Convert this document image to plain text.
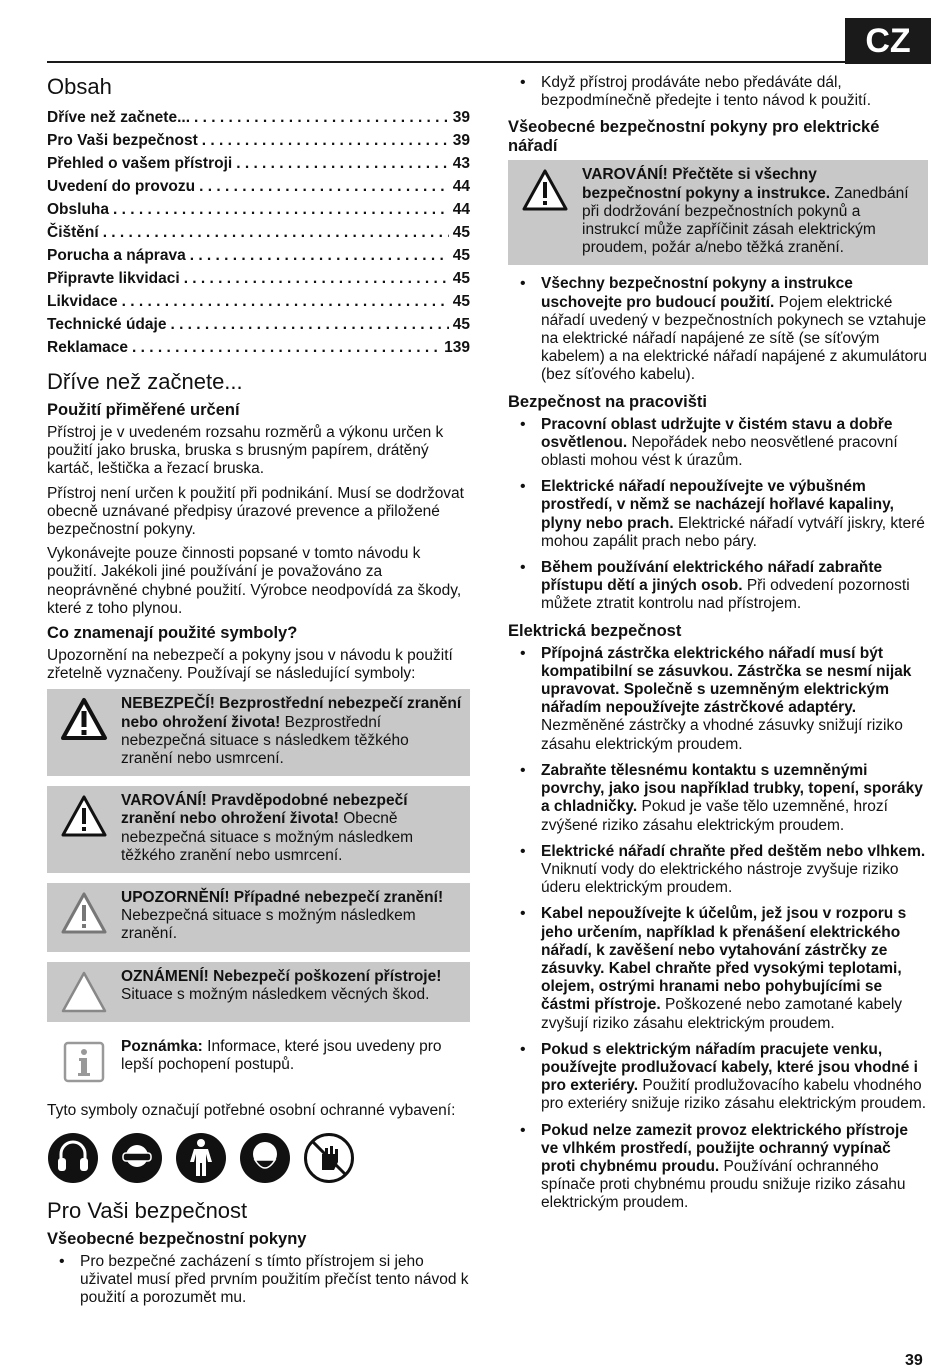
CZ
Obsah
Dříve než začnete... . . .	39
Pro Vaši bezpečnost . . .	39
Přehled o vašem přístroji . . .	43
Uvedení do provozu . . .	44
Obsluha . . .	44
Čištění . . .	45
Porucha a náprava . . .	45
Připravte likvidaci . . .	45
Likvidace . . .	45
Technické údaje . . .	45
Reklamace . . .	139
Dříve než začnete...
Použití přiměřené určení

Přístroj je v uvedeném rozsahu rozměrů a výkonu určen k použití jako bruska, bruska s brusným papírem, drátěný kartáč, leštička a řezací bruska.

Přístroj není určen k použití při podnikání. Musí se dodržovat obecně uznávané předpisy úrazové prevence a přiložené bezpečnostní pokyny.

Vykonávejte pouze činnosti popsané v tomto návodu k použití. Jakékoli jiné používání je považováno za neoprávněné chybné použití. Výrobce neodpovídá za škody, které z toho plynou.

Co znamenají použité symboly?

Upozornění na nebezpečí a pokyny jsou v návodu k použití zřetelně vyznačeny. Používají se následující symboly:

NEBEZPEČÍ! Bezprostřední nebezpečí zranění nebo ohrožení života! Bezprostřední nebezpečná situace s následkem těžkého zranění nebo usmrcení.
VAROVÁNÍ! Pravděpodobné nebezpečí zranění nebo ohrožení života! Obecně nebezpečná situace s možným následkem těžkého zranění nebo usmrcení.
UPOZORNĚNÍ! Případné nebezpečí zranění! Nebezpečná situace s možným následkem zranění.
OZNÁMENÍ! Nebezpečí poškození přístroje! Situace s možným následkem věcných škod.
Poznámka: Informace, které jsou uvedeny pro lepší pochopení postupů.

Tyto symboly označují potřebné osobní ochranné vybavení:

Pro Vaši bezpečnost
Všeobecné bezpečnostní pokyny
• Pro bezpečné zacházení s tímto přístrojem si jeho uživatel musí před prvním použitím přečíst tento návod k použití a porozumět mu.
• Když přístroj prodáváte nebo předáváte dál, bezpodmínečně předejte i tento návod k použití.
Všeobecné bezpečnostní pokyny pro elektrické nářadí
VAROVÁNÍ! Přečtěte si všechny bezpečnostní pokyny a instrukce. Zanedbání při dodržování bezpečnostních pokynů a instrukcí může zapříčinit zásah elektrickým proudem, požár a/nebo těžká zranění.
• Všechny bezpečnostní pokyny a instrukce uschovejte pro budoucí použití. Pojem elektrické nářadí uvedený v bezpečnostních pokynech se vztahuje na elektrické nářadí napájené ze sítě (se síťovým kabelem) a na elektrické nářadí napájené z akumulátoru (bez síťového kabelu).
Bezpečnost na pracovišti
• Pracovní oblast udržujte v čistém stavu a dobře osvětlenou. Nepořádek nebo neosvětlené pracovní oblasti mohou vést k úrazům.
• Elektrické nářadí nepoužívejte ve výbušném prostředí, v němž se nacházejí hořlavé kapaliny, plyny nebo prach. Elektrické nářadí vytváří jiskry, které mohou zapálit prach nebo páry.
• Během používání elektrického nářadí zabraňte přístupu dětí a jiných osob. Při odvedení pozornosti můžete ztratit kontrolu nad přístrojem.
Elektrická bezpečnost
• Přípojná zástrčka elektrického nářadí musí být kompatibilní se zásuvkou. Zástrčka se nesmí nijak upravovat. Společně s uzemněným elektrickým nářadím nepoužívejte zástrčkové adaptéry. Nezměněné zástrčky a vhodné zásuvky snižují riziko zásahu elektrickým proudem.
• Zabraňte tělesnému kontaktu s uzemněnými povrchy, jako jsou například trubky, topení, sporáky a chladničky. Pokud je vaše tělo uzemněné, hrozí zvýšené riziko zásahu elektrickým proudem.
• Elektrické nářadí chraňte před deštěm nebo vlhkem. Vniknutí vody do elektrického nástroje zvyšuje riziko úderu elektrickým proudem.
• Kabel nepoužívejte k účelům, jež jsou v rozporu s jeho určením, například k přenášení elektrického nářadí, k zavěšení nebo vytahování zástrčky ze zásuvky. Kabel chraňte před vysokými teplotami, olejem, ostrými hranami nebo pohybujícími se částmi přístroje. Poškozené nebo zamotané kabely zvyšují riziko zásahu elektrickým proudem.
• Pokud s elektrickým nářadím pracujete venku, používejte prodlužovací kabely, které jsou vhodné i pro exteriéry. Použití prodlužovacího kabelu vhodného pro exteriéry snižuje riziko zásahu elektrickým proudem.
• Pokud nelze zamezit provoz elektrického přístroje ve vlhkém prostředí, použijte ochranný vypínač proti chybnému proudu. Používání ochranného spínače proti chybnému proudu snižuje riziko zásahu elektrickým proudem.
39
